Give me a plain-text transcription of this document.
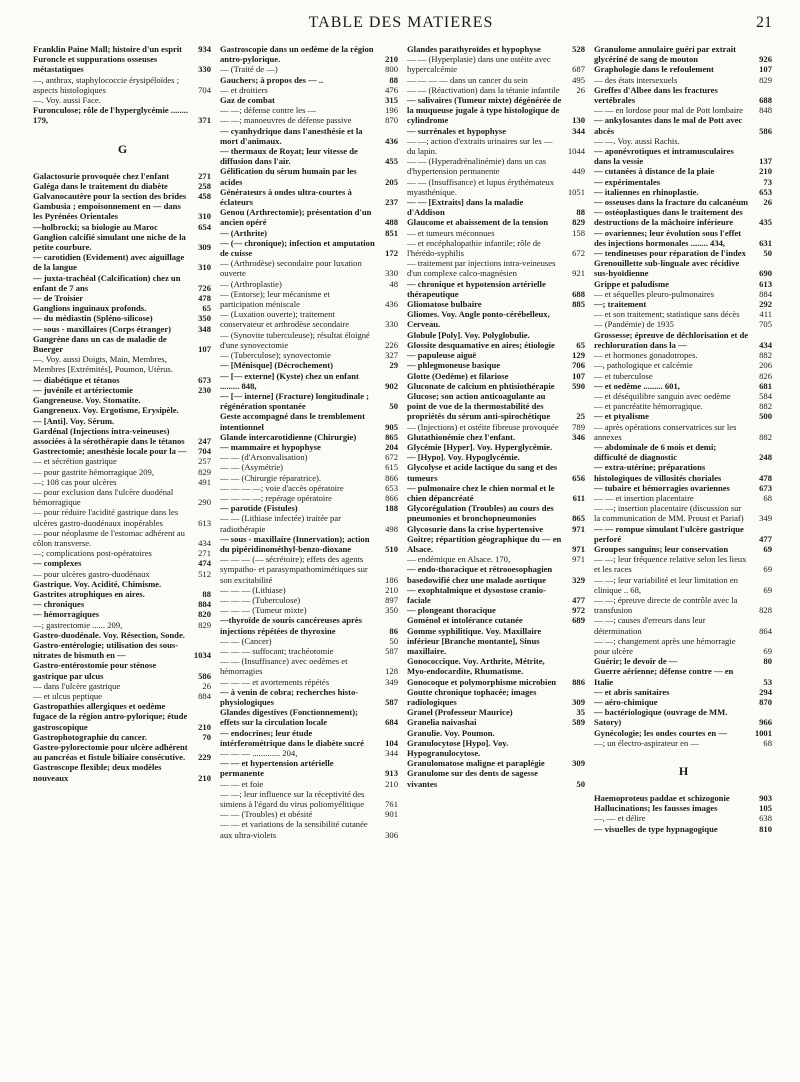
TABLE DES MATIERES	21
Franklin Paine Mall; histoire d'un esprit	934
Furoncle et suppurations osseuses métastatiques	330
—, anthrax, staphylococcie érysipéloïdes ; aspects histologiques	704
—. Voy. aussi Face.
Furonculose; rôle de l'hyperglycémie ........ 179,	371
G
Galactosurie provoquée chez l'enfant	271
Galéga dans le traitement du diabète	258
Galvanocautère pour la section des brides 458
Gambusia ; empoisonnement en — dans les Pyrénées Orientales	310
—holbrocki; sa biologie au Maroc	654
Ganglion calcifié simulant une niche de la petite courbure.	309
— carotidien (Evidement) avec aiguillage de la langue	310
— juxta-trachéal (Calcification) chez un enfant de 7 ans	726
— de Troisier	478
Ganglions inguinaux profonds.	65
— du médiastin (Spléno-silicose)	350
— sous - maxillaires (Corps étranger)	348
Gangrène dans un cas de maladie de Buerger	107
—. Voy. aussi Doigts, Main, Membres, Membres [Extrémités], Poumon, Utérus.
— diabétique et tétanos	673
— juvénile et artériectomie	230
Gangreneuse. Voy. Stomatite.
Gangreneux. Voy. Ergotisme, Erysipèle.
— [Anti]. Voy. Sérum.
Gardénal (Injections intra-veineuses) associées à la sérothérapie dans le tétanos	247
Gastrectomie; anesthésie locale pour la — 704
— et sécrétion gastrique	257
— pour gastrite hémorragique 209,	829
—; 108 cas pour ulcères	491
— pour exclusion dans l'ulcère duodénal hémorragique	290
— pour réduire l'acidité gastrique dans les ulcères gastro-duodénaux inopérables	613
— pour néoplasme de l'estomac adhérent au côlon transverse.	434
—; complications post-opératoires	271
— complexes	474
— pour ulcères gastro-duodénaux	512
Gastrique. Voy. Acidité, Chimisme.
Gastrites atrophiques en aires.	88
— chroniques	884
— hémorragiques	820
—; gastrectomie ...... 209,	829
Gastro-duodénale. Voy. Résection, Sonde.
Gastro-entérologie; utilisation des sous-nitrates de bismuth en —	1034
Gastro-entérostomie pour sténose gastrique par ulcus	586
— dans l'ulcère gastrique	26
— et ulcus peptique	884
Gastropathies allergiques et oedème fugace de la région antro-pylorique; étude gastroscopique	210
Gastrophotographie du cancer.	70
Gastro-pylorectomie pour ulcère adhérent au pancréas et fistule biliaire consécutive.	229
Gastroscope flexible; deux modèles nouveaux	210
Gastroscopie dans un oedème de la région antro-pylorique.	210
— (Traité de —)	800
Gauchers; à propos des — ..	88
— et droitiers	476
Gaz de combat	315
— —; défense contre les —	196
— —; manoeuvres de défense passive	870
— cyanhydrique dans l'anesthésie et la mort d'animaux.	436
— thermaux de Royat; leur vitesse de diffusion dans l'air.	455
Gélification du sérum humain par les acides	205
Générateurs à ondes ultra-courtes à éclateurs	237
Genou (Arthrectomie); présentation d'un ancien opéré	488
— (Arthrite)	851
— (— chronique); infection et amputation de cuisse	172
— (Arthrodèse) secondaire pour luxation ouverte	330
— (Arthroplastie)	48
— (Entorse); leur mécanisme et participation méniscale	436
— (Luxation ouverte); traitement conservateur et arthrodèse secondaire	330
— (Synovite tuberculeuse); résultat éloigné d'une synovectomie	226
— (Tuberculose); synovectomie	327
— [Ménisque] (Décrochement)	29
— [— externe] (Kyste) chez un enfant ......... 848,	902
— [— interne] (Fracture) longitudinale ; régénération spontanée	50
Geste accompagné dans le tremblement intentionnel	905
Glande intercarotidienne (Chirurgie)	865
— mammaire et hypophyse	204
— — (d'Arsonvalisation)	672
— — (Asymétrie)	615
— — (Chirurgie réparatrice).	866
— — — —; voie d'accès opératoire	653
— — — —; repérage opératoire	866
— parotide (Fistules)	188
— — (Lithiase infectée) traitée par radiothérapie	498
— sous - maxillaire (Innervation); action du pipéridinométhyl-benzo-dioxane	510
— — — (— sécrétoire); effets des agents sympatho- et parasympathomimétiques sur son excitabilité	186
— — — (Lithiase)	210
— — — (Tuberculose)	897
— — — (Tumeur mixte)	350
—thyroïde de souris cancéreuses après injections répétées de thyroxine	86
— — (Cancer)	50
— — — suffocant; trachéotomie	587
— — (Insuffisance) avec oedèmes et hémorragies	128
— — — et avortements répétés	349
— à venin de cobra; recherches histo-physiologiques	587
Glandes digestives (Fonctionnement); effets sur la circulation locale	684
— endocrines; leur étude intérferométrique dans le diabète sucré	104
— — — ............. 204,	344
— — et hypertension artérielle permanente	913
— — et foie	210
— —; leur influence sur la réceptivité des simiens à l'égard du virus poliomyélitique	761
— — (Troubles) et obésité	901
— — et variations de la sensibilité cutanée aux ultra-violets	306
Glandes parathyroïdes et hypophyse	528
— — (Hyperplasie) dans une ostéite avec hypercalcémie	687
— — — — dans un cancer du sein	495
— — (Réactivation) dans la tétanie infantile 26
— salivaires (Tumeur mixte) dégénérée de la muqueuse jugale à type histologique de cylindrome	130
— surrénales et hypophyse	344
— —; action d'extraits urinaires sur les — du lapin.	1044
— — (Hyperadrénalinémie) dans un cas d'hypertension permanente	449
— — (Insuffisance) et lupus érythémateux myasthénique.	1051
— — [Extraits] dans la maladie d'Addison	88
Glaucome et abaissement de la tension	829
— et tumeurs méconnues	158
— et encéphalopathie infantile; rôle de l'hérédo-syphilis	672
— traitement par injections intra-veineuses d'un complexe calco-magnésien	921
— chronique et hypotension artérielle thérapeutique	688
Gliomatose bulbaire	885
Gliomes. Voy. Angle ponto-cérébelleux, Cerveau.
Globule [Poly]. Voy. Polyglobulie.
Glossite desquamative en aires; étiologie	65
— papuleuse aiguë	129
— phlegmoneuse basique	706
Glotte (Oedème) et filariose	107
Gluconate de calcium en phtisiothérapie	590
Glucose; son action anticoagulante au point de vue de la thermostabilité des propriétés du sérum anti-spirochétique	25
— (Injections) et ostéite fibreuse provoquée	789
Glutathionémie chez l'enfant.	346
Glycémie [Hyper]. Voy. Hyperglycémie.
— [Hypo]. Voy. Hypoglycémie.
Glycolyse et acide lactique du sang et des tumeurs	656
— pulmonaire chez le chien normal et le chien dépancréaté	611
Glycorégulation (Troubles) au cours des pneumonies et bronchopneumonies	865
Glycosurie dans la crise hypertensive	971
Goitre; répartition géographique du — en Alsace.	971
— endémique en Alsace. 170,	971
— endo-thoracique et rétrooesophagien basedowifié chez une malade aortique	329
— exophtalmique et dysostose cranio-faciale	477
— plongeant thoracique	972
Goménol et intolérance cutanée	689
Gomme syphilitique. Voy. Maxillaire inférieur [Branche montante], Sinus maxillaire.
Gonococcique. Voy. Arthrite, Métrite, Myo-endocardite, Rhumatisme.
Gonocoque et polymorphisme microbien	886
Goutte chronique tophacée; images radiologiques	309
Granel (Professeur Maurice)	35
Granelia naivashai	589
Granulie. Voy. Poumon.
Granulocytose [Hypo]. Voy. Hypogranulocytose.
Granulomatose maligne et paraplégie	309
Granulome sur des dents de sagesse vivantes	50
Granulome annulaire guéri par extrait glycériné de sang de mouton	926
Graphologie dans le refoulement	107
— des états intersexuels	829
Greffes d'Albee dans les fractures vertébrales	688
— — en lordose pour mal de Pott lombaire	848
— ankylosantes dans le mal de Pott avec abcès	586
— —. Voy. aussi Rachis.
— aponévrotiques et intramusculaires dans la vessie	137
— cutanées à distance de la plaie	210
— expérimentales	73
— italiennes en rhinoplastie.	653
— osseuses dans la fracture du calcanéum 26
— ostéoplastiques dans le traitement des destructions de la mâchoire inférieure	435
— ovariennes; leur évolution sous l'effet des injections hormonales ........ 434,	631
— tendineuses pour réparation de l'index	50
Grenouillette sub-linguale avec récidive sus-hyoïdienne	690
Grippe et paludisme	613
— et séquelles pleuro-pulmonaires	884
—; traitement	292
— et son traitement; statistique sans décès	411
— (Pandémie) de 1935	705
Grossesse; épreuve de déchlorisation et de rechloruration dans la —	434
— et hormones gonadotropes.	882
—, pathologique et calcémie	206
— et tuberculose	826
— et oedème ......... 601,	681
— et déséquilibre sanguin avec oedème	584
— et pancréatite hémorragique.	882
— et ptyalisme	500
— après opérations conservatrices sur les annexes	882
— abdominale de 6 mois et demi; difficulté de diagnostic	248
— extra-utérine; préparations histologiques de villosités choriales	478
— tubaire et hémorragies ovariennes	673
— — et insertion placentaire	68
— —; insertion placentaire (discussion sur la communication de MM. Proust et Pariaf)	349
— — rompue simulant l'ulcère gastrique perforé	477
Groupes sanguins; leur conservation	69
— —; leur fréquence relative selon les lieux et les races	69
— —; leur variabilité et leur limitation en clinique .. 68,	69
— —; épreuve directe de contrôle avec la transfusion	828
— —; causes d'erreurs dans leur détermination	864
— —; changement après une hémorragie pour ulcère	69
Guérir; le devoir de —	80
Guerre aérienne; défense contre — en Italie	53
— et abris sanitaires	294
— aéro-chimique	870
— bactériologique (ouvrage de MM. Satory)	966
Gynécologie; les ondes courtes en —	1001
—; un électro-aspirateur en —	68
H
Haemoproteus paddae et schizogonie	903
Hallucinations; les fausses images	105
—, — et délire	638
— visuelles de type hypnagogique	810
